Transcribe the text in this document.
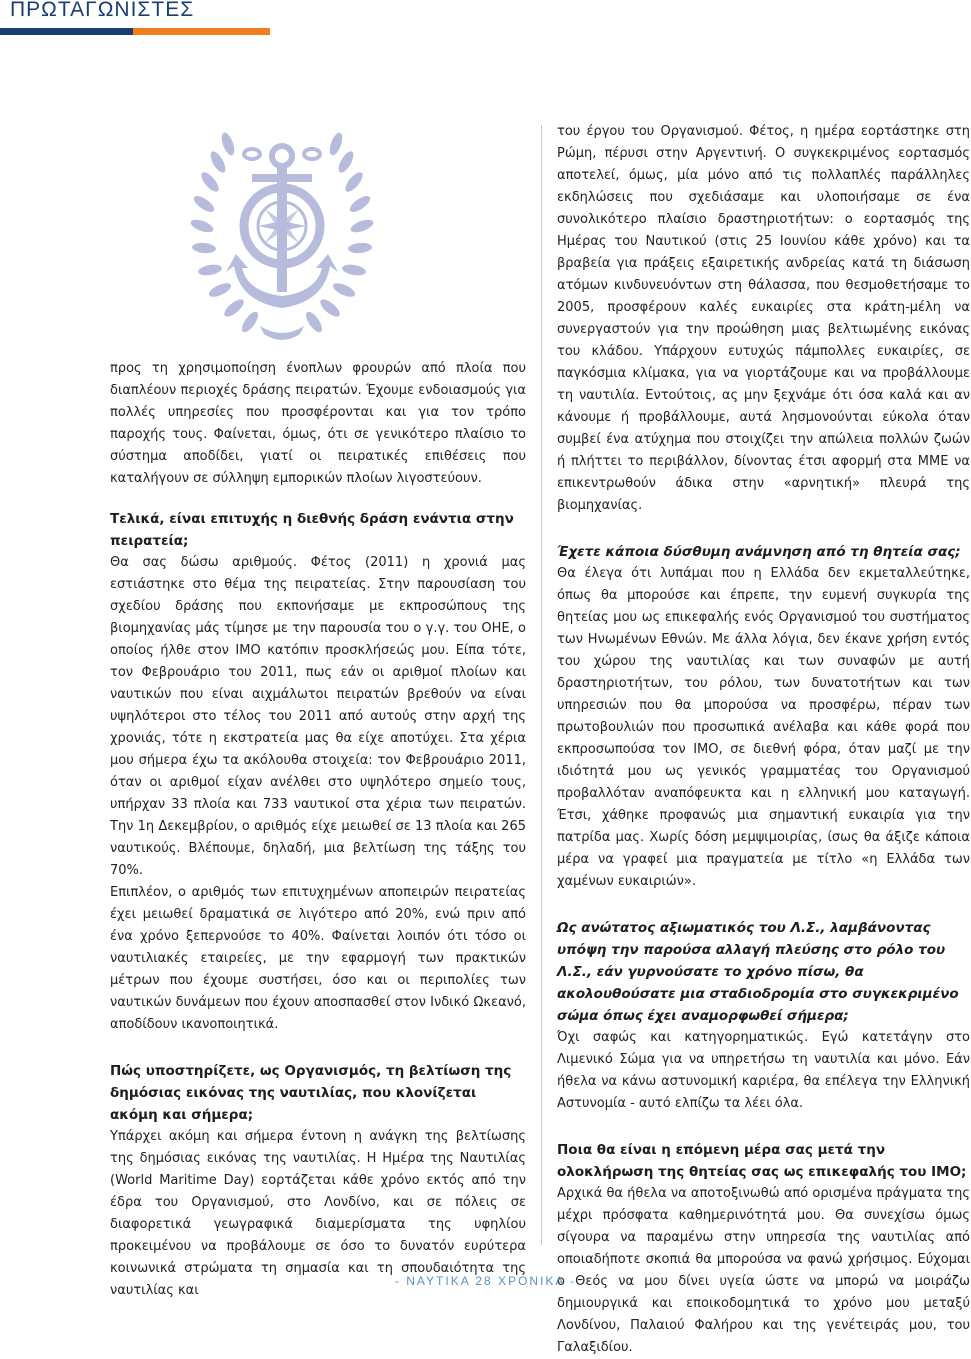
ΠΡΩΤΑΓΩΝΙΣΤΕΣ

προς τη χρησιμοποίηση ένοπλων φρουρών από πλοία που διαπλέουν περιοχές δράσης πειρατών. Έχουμε ενδοιασμούς για πολλές υπηρεσίες που προσφέρονται και για τον τρόπο παροχής τους. Φαίνεται, όμως, ότι σε γενικότερο πλαίσιο το σύστημα αποδίδει, γιατί οι πειρατικές επιθέσεις που καταλήγουν σε σύλληψη εμπορικών πλοίων λιγοστεύουν.

Τελικά, είναι επιτυχής η διεθνής δράση ενάντια στην πειρατεία;

Θα σας δώσω αριθμούς. Φέτος (2011) η χρονιά μας εστιάστηκε στο θέμα της πειρατείας. Στην παρουσίαση του σχεδίου δράσης που εκπονήσαμε με εκπροσώπους της βιομηχανίας μάς τίμησε με την παρουσία του ο γ.γ. του ΟΗΕ, ο οποίος ήλθε στον ΙΜΟ κατόπιν προσκλήσεώς μου. Είπα τότε, τον Φεβρουάριο του 2011, πως εάν οι αριθμοί πλοίων και ναυτικών που είναι αιχμάλωτοι πειρατών βρεθούν να είναι υψηλότεροι στο τέλος του 2011 από αυτούς στην αρχή της χρονιάς, τότε η εκστρατεία μας θα είχε αποτύχει. Στα χέρια μου σήμερα έχω τα ακόλουθα στοιχεία: τον Φεβρουάριο 2011, όταν οι αριθμοί είχαν ανέλθει στο υψηλότερο σημείο τους, υπήρχαν 33 πλοία και 733 ναυτικοί στα χέρια των πειρατών. Την 1η Δεκεμβρίου, ο αριθμός είχε μειωθεί σε 13 πλοία και 265 ναυτικούς. Βλέπουμε, δηλαδή, μια βελτίωση της τάξης του 70%.

Επιπλέον, ο αριθμός των επιτυχημένων αποπειρών πειρατείας έχει μειωθεί δραματικά σε λιγότερο από 20%, ενώ πριν από ένα χρόνο ξεπερνούσε το 40%. Φαίνεται λοιπόν ότι τόσο οι ναυτιλιακές εταιρείες, με την εφαρμογή των πρακτικών μέτρων που έχουμε συστήσει, όσο και οι περιπολίες των ναυτικών δυνάμεων που έχουν αποσπασθεί στον Ινδικό Ωκεανό, αποδίδουν ικανοποιητικά.

Πώς υποστηρίζετε, ως Οργανισμός, τη βελτίωση της δημόσιας εικόνας της ναυτιλίας, που κλονίζεται ακόμη και σήμερα;

Υπάρχει ακόμη και σήμερα έντονη η ανάγκη της βελτίωσης της δημόσιας εικόνας της ναυτιλίας. Η Ημέρα της Ναυτιλίας (World Maritime Day) εορτάζεται κάθε χρόνο εκτός από την έδρα του Οργανισμού, στο Λονδίνο, και σε πόλεις σε διαφορετικά γεωγραφικά διαμερίσματα της υφηλίου προκειμένου να προβάλουμε σε όσο το δυνατόν ευρύτερα κοινωνικά στρώματα τη σημασία και τη σπουδαιότητα της ναυτιλίας και

του έργου του Οργανισμού. Φέτος, η ημέρα εορτάστηκε στη Ρώμη, πέρυσι στην Αργεντινή. Ο συγκεκριμένος εορτασμός αποτελεί, όμως, μία μόνο από τις πολλαπλές παράλληλες εκδηλώσεις που σχεδιάσαμε και υλοποιήσαμε σε ένα συνολικότερο πλαίσιο δραστηριοτήτων: ο εορτασμός της Ημέρας του Ναυτικού (στις 25 Ιουνίου κάθε χρόνο) και τα βραβεία για πράξεις εξαιρετικής ανδρείας κατά τη διάσωση ατόμων κινδυνευόντων στη θάλασσα, που θεσμοθετήσαμε το 2005, προσφέρουν καλές ευκαιρίες στα κράτη-μέλη να συνεργαστούν για την προώθηση μιας βελτιωμένης εικόνας του κλάδου. Υπάρχουν ευτυχώς πάμπολλες ευκαιρίες, σε παγκόσμια κλίμακα, για να γιορτάζουμε και να προβάλλουμε τη ναυτιλία. Εντούτοις, ας μην ξεχνάμε ότι όσα καλά και αν κάνουμε ή προβάλλουμε, αυτά λησμονούνται εύκολα όταν συμβεί ένα ατύχημα που στοιχίζει την απώλεια πολλών ζωών ή πλήττει το περιβάλλον, δίνοντας έτσι αφορμή στα ΜΜΕ να επικεντρωθούν άδικα στην «αρνητική» πλευρά της βιομηχανίας.

Έχετε κάποια δύσθυμη ανάμνηση από τη θητεία σας;

Θα έλεγα ότι λυπάμαι που η Ελλάδα δεν εκμεταλλεύτηκε, όπως θα μπορούσε και έπρεπε, την ευμενή συγκυρία της θητείας μου ως επικεφαλής ενός Οργανισμού του συστήματος των Ηνωμένων Εθνών. Με άλλα λόγια, δεν έκανε χρήση εντός του χώρου της ναυτιλίας και των συναφών με αυτή δραστηριοτήτων, του ρόλου, των δυνατοτήτων και των υπηρεσιών που θα μπορούσα να προσφέρω, πέραν των πρωτοβουλιών που προσωπικά ανέλαβα και κάθε φορά που εκπροσωπούσα τον ΙΜΟ, σε διεθνή φόρα, όταν μαζί με την ιδιότητά μου ως γενικός γραμματέας του Οργανισμού προβαλλόταν αναπόφευκτα και η ελληνική μου καταγωγή. Έτσι, χάθηκε προφανώς μια σημαντική ευκαιρία για την πατρίδα μας. Χωρίς δόση μεμψιμοιρίας, ίσως θα άξιζε κάποια μέρα να γραφεί μια πραγματεία με τίτλο «η Ελλάδα των χαμένων ευκαιριών».

Ως ανώτατος αξιωματικός του Λ.Σ., λαμβάνοντας υπόψη την παρούσα αλλαγή πλεύσης στο ρόλο του Λ.Σ., εάν γυρνούσατε το χρόνο πίσω, θα ακολουθούσατε μια σταδιοδρομία στο συγκεκριμένο σώμα όπως έχει αναμορφωθεί σήμερα;

Όχι σαφώς και κατηγορηματικώς. Εγώ κατετάγην στο Λιμενικό Σώμα για να υπηρετήσω τη ναυτιλία και μόνο. Εάν ήθελα να κάνω αστυνομική καριέρα, θα επέλεγα την Ελληνική Αστυνομία - αυτό ελπίζω τα λέει όλα.

Ποια θα είναι η επόμενη μέρα σας μετά την ολοκλήρωση της θητείας σας ως επικεφαλής του ΙΜΟ;

Αρχικά θα ήθελα να αποτοξινωθώ από ορισμένα πράγματα της μέχρι πρόσφατα καθημερινότητά μου. Θα συνεχίσω όμως σίγουρα να παραμένω στην υπηρεσία της ναυτιλίας από οποιαδήποτε σκοπιά θα μπορούσα να φανώ χρήσιμος. Εύχομαι ο Θεός να μου δίνει υγεία ώστε να μπορώ να μοιράζω δημιουργικά και εποικοδομητικά το χρόνο μου μεταξύ Λονδίνου, Παλαιού Φαλήρου και της γενέτειράς μου, του Γαλαξιδίου.

- ΝΑΥΤΙΚΑ 28 ΧΡΟΝΙΚΑ -
